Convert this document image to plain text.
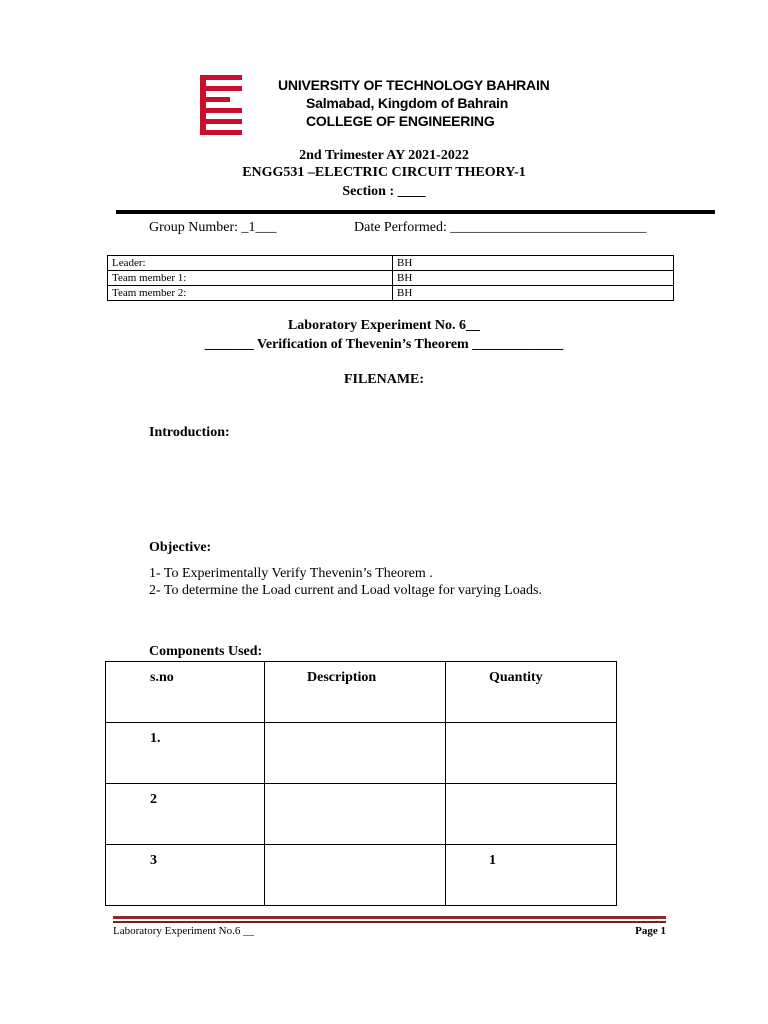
UNIVERSITY OF TECHNOLOGY BAHRAIN
Salmabad, Kingdom of Bahrain
COLLEGE OF ENGINEERING
2nd Trimester AY 2021-2022
ENGG531 –ELECTRIC CIRCUIT THEORY-1
Section : ____
Group Number: _1___	Date Performed: ____________________________
Leader:	BH
Team member 1:	BH
Team member 2:	BH
Laboratory Experiment No. 6__
_______ Verification of Thevenin’s Theorem _____________
FILENAME:
Introduction:
Objective:
1- To Experimentally Verify Thevenin’s Theorem .
2- To determine the Load current and Load voltage for varying Loads.
Components Used:
s.no	Description	Quantity
1.		
2		
3		1
Laboratory Experiment No.6 __	Page 1
